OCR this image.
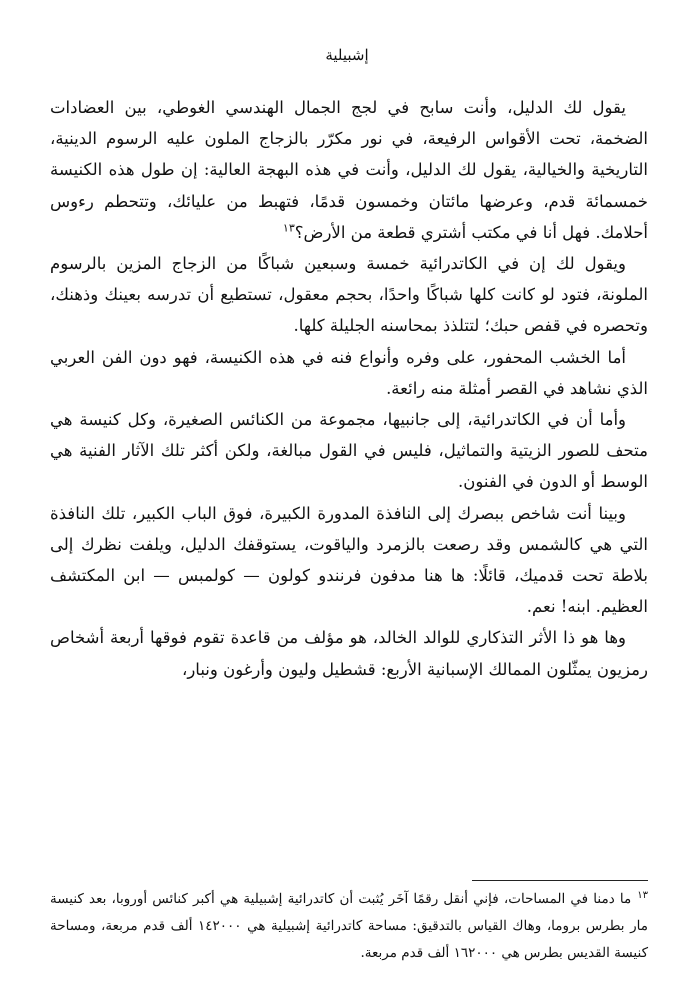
إشبيلية

يقول لك الدليل، وأنت سابح في لجج الجمال الهندسي الغوطي، بين العضادات الضخمة، تحت الأقواس الرفيعة، في نور مكرّر بالزجاج الملون عليه الرسوم الدينية، التاريخية والخيالية، يقول لك الدليل، وأنت في هذه البهجة العالية: إن طول هذه الكنيسة خمسمائة قدم، وعرضها مائتان وخمسون قدمًا، فتهبط من عليائك، وتتحطم رءوس أحلامك. فهل أنا في مكتب أشتري قطعة من الأرض؟$^{١٣}$

ويقول لك إن في الكاتدرائية خمسة وسبعين شباكًا من الزجاج المزين بالرسوم الملونة، فتود لو كانت كلها شباكًا واحدًا، بحجم معقول، تستطيع أن تدرسه بعينك وذهنك، وتحصره في قفص حبك؛ لتتلذذ بمحاسنه الجليلة كلها.

أما الخشب المحفور، على وفره وأنواع فنه في هذه الكنيسة، فهو دون الفن العربي الذي نشاهد في القصر أمثلة منه رائعة.

وأما أن في الكاتدرائية، إلى جانبيها، مجموعة من الكنائس الصغيرة، وكل كنيسة هي متحف للصور الزيتية والتماثيل، فليس في القول مبالغة، ولكن أكثر تلك الآثار الفنية هي الوسط أو الدون في الفنون.

وبينا أنت شاخص ببصرك إلى النافذة المدورة الكبيرة، فوق الباب الكبير، تلك النافذة التي هي كالشمس وقد رصعت بالزمرد والياقوت، يستوقفك الدليل، ويلفت نظرك إلى بلاطة تحت قدميك، قائلًا: ها هنا مدفون فرنندو كولون — كولمبس — ابن المكتشف العظيم. ابنه! نعم.

وها هو ذا الأثر التذكاري للوالد الخالد، هو مؤلف من قاعدة تقوم فوقها أربعة أشخاص رمزيون يمثّلون الممالك الإسبانية الأربع: قشطيل وليون وأرغون ونبار،

$^{١٣}$ما دمنا في المساحات، فإني أنقل رقمًا آخَر يُثبت أن كاتدرائية إشبيلية هي أكبر كنائس أوروبا، بعد كنيسة مار بطرس بروما، وهاك القياس بالتدقيق: مساحة كاتدرائية إشبيلية هي ١٤٢٠٠٠ ألف قدم مربعة، ومساحة كنيسة القديس بطرس هي ١٦٢٠٠٠ ألف قدم مربعة.
